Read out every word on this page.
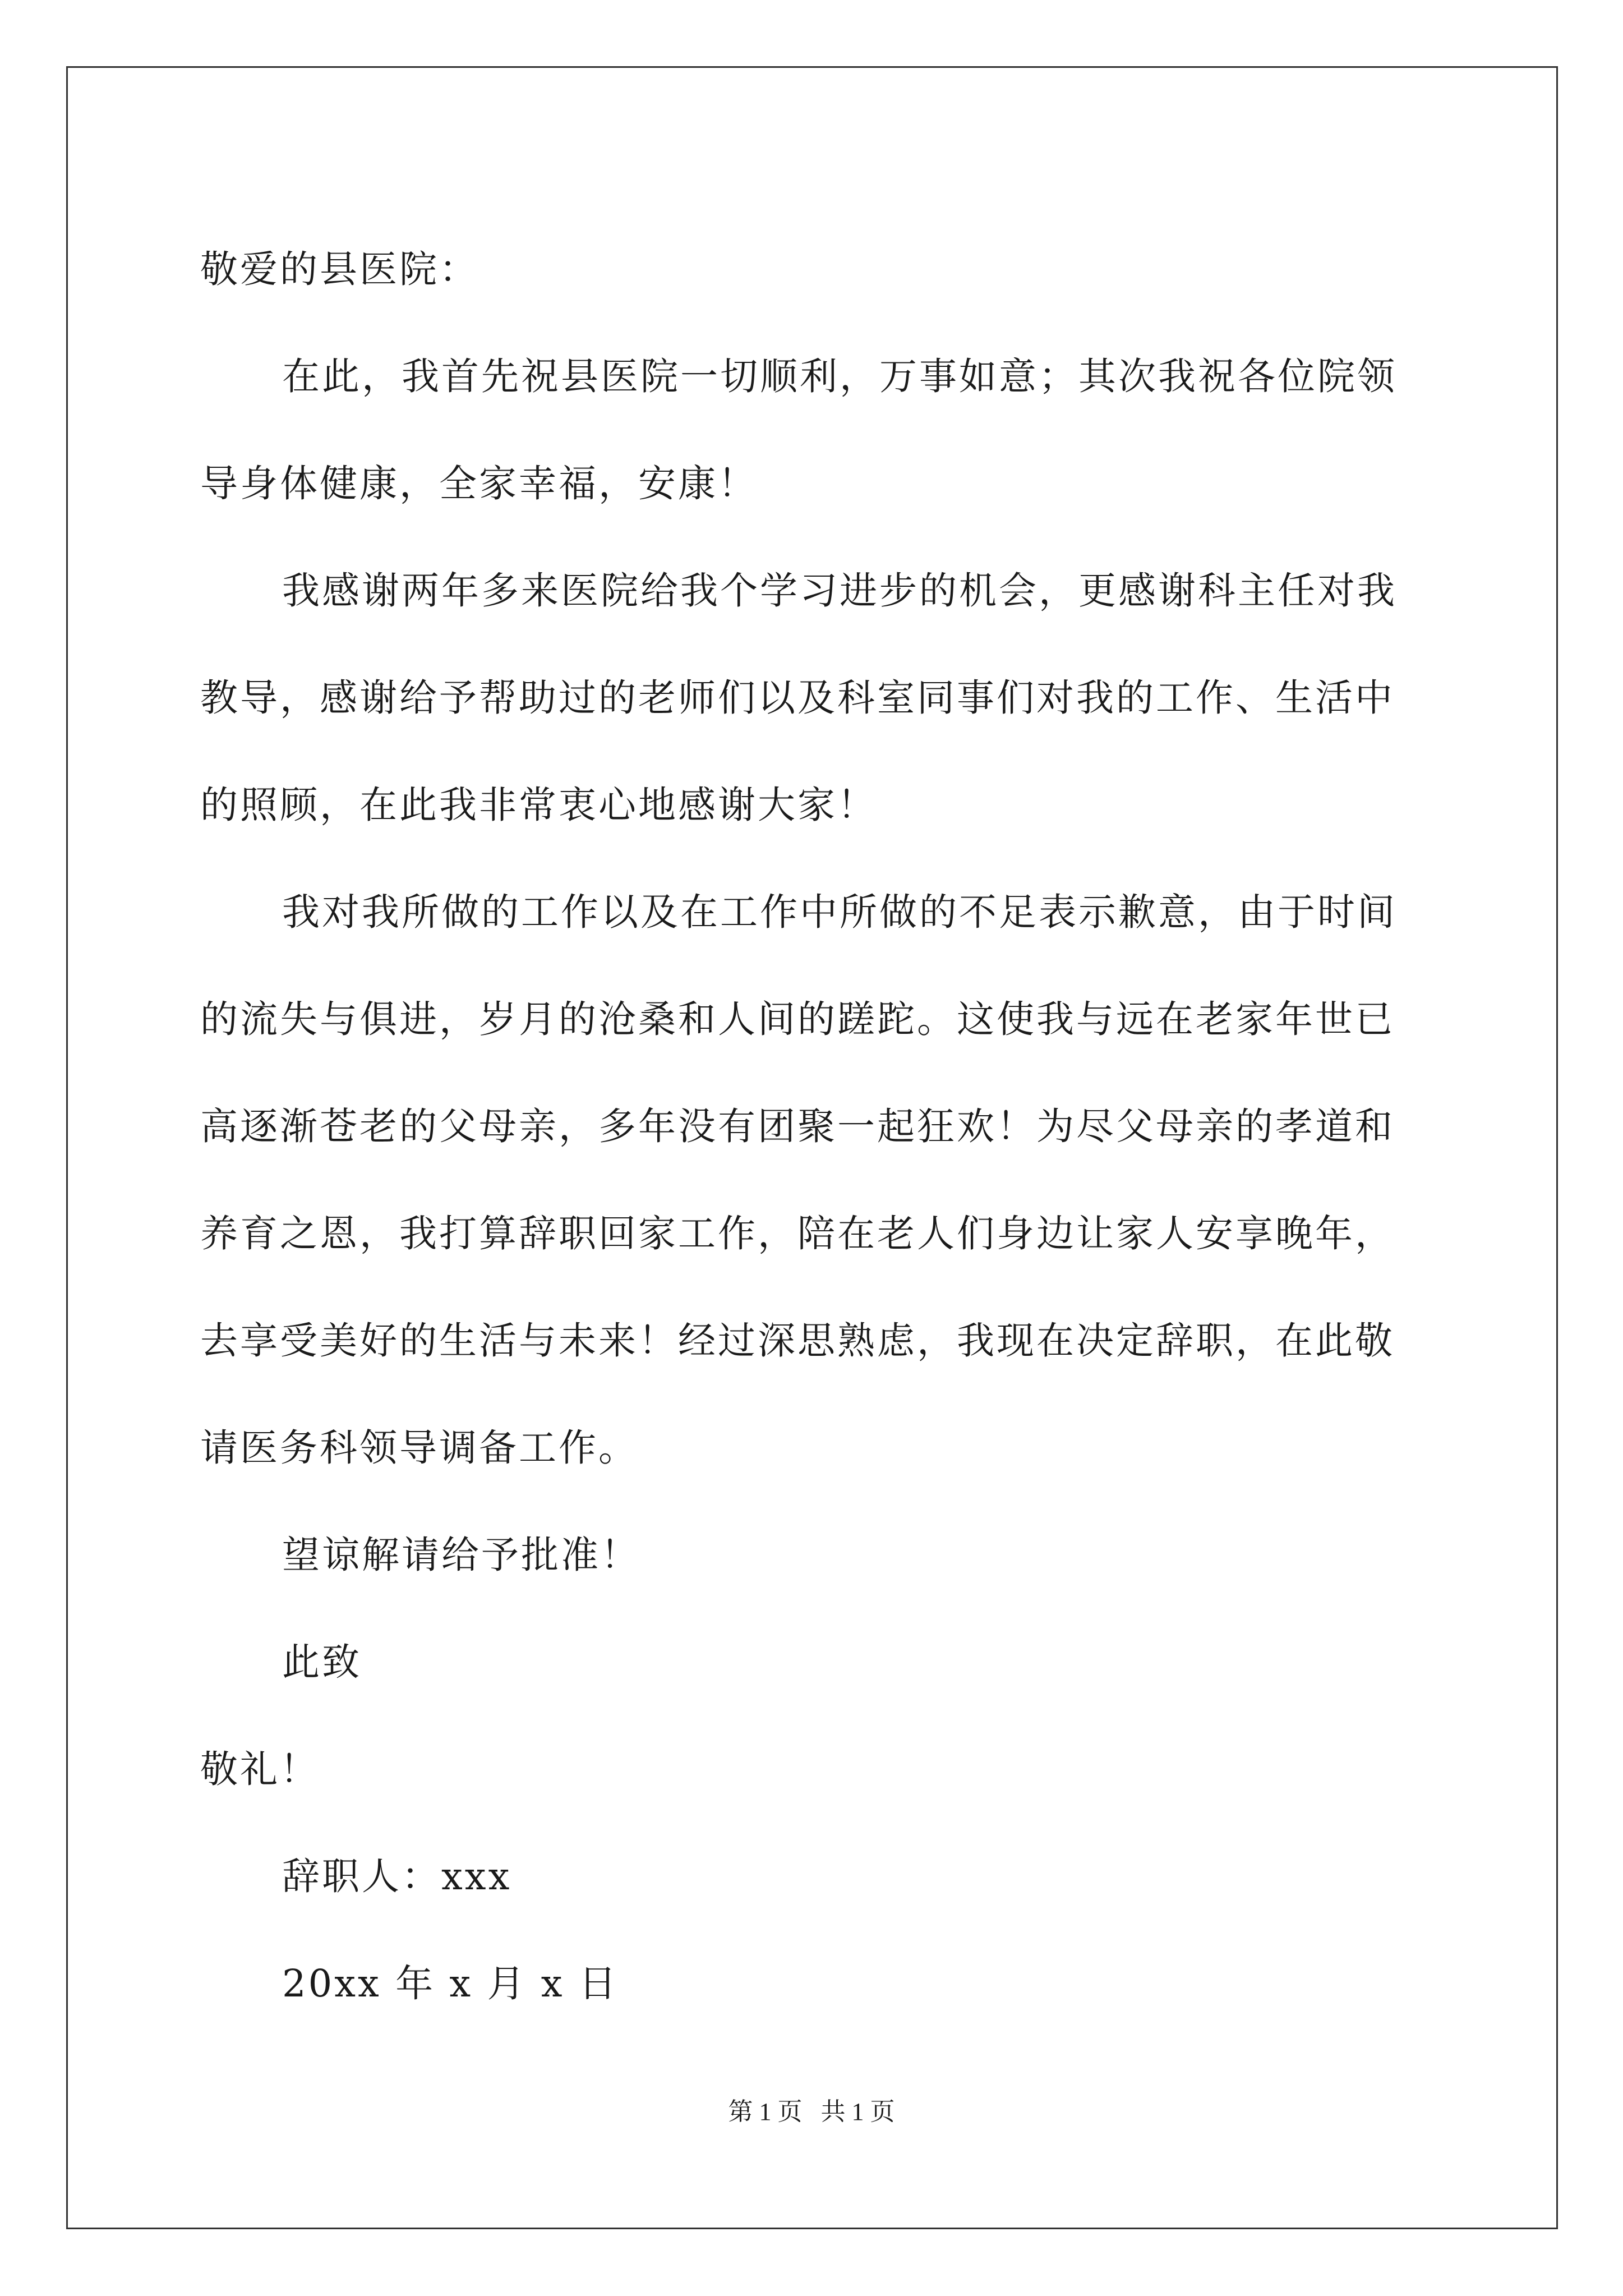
敬爱的县医院：

在此，我首先祝县医院一切顺利，万事如意；其次我祝各位院领

导身体健康，全家幸福，安康！

我感谢两年多来医院给我个学习进步的机会，更感谢科主任对我

教导，感谢给予帮助过的老师们以及科室同事们对我的工作、生活中

的照顾，在此我非常衷心地感谢大家！

我对我所做的工作以及在工作中所做的不足表示歉意，由于时间

的流失与俱进，岁月的沧桑和人间的蹉跎。这使我与远在老家年世已

高逐渐苍老的父母亲，多年没有团聚一起狂欢！为尽父母亲的孝道和

养育之恩，我打算辞职回家工作，陪在老人们身边让家人安享晚年，

去享受美好的生活与未来！经过深思熟虑，我现在决定辞职，在此敬

请医务科领导调备工作。

望谅解请给予批准！

此致

敬礼！

辞职人：xxx

20xx 年 x 月 x 日

第 1 页   共 1 页
